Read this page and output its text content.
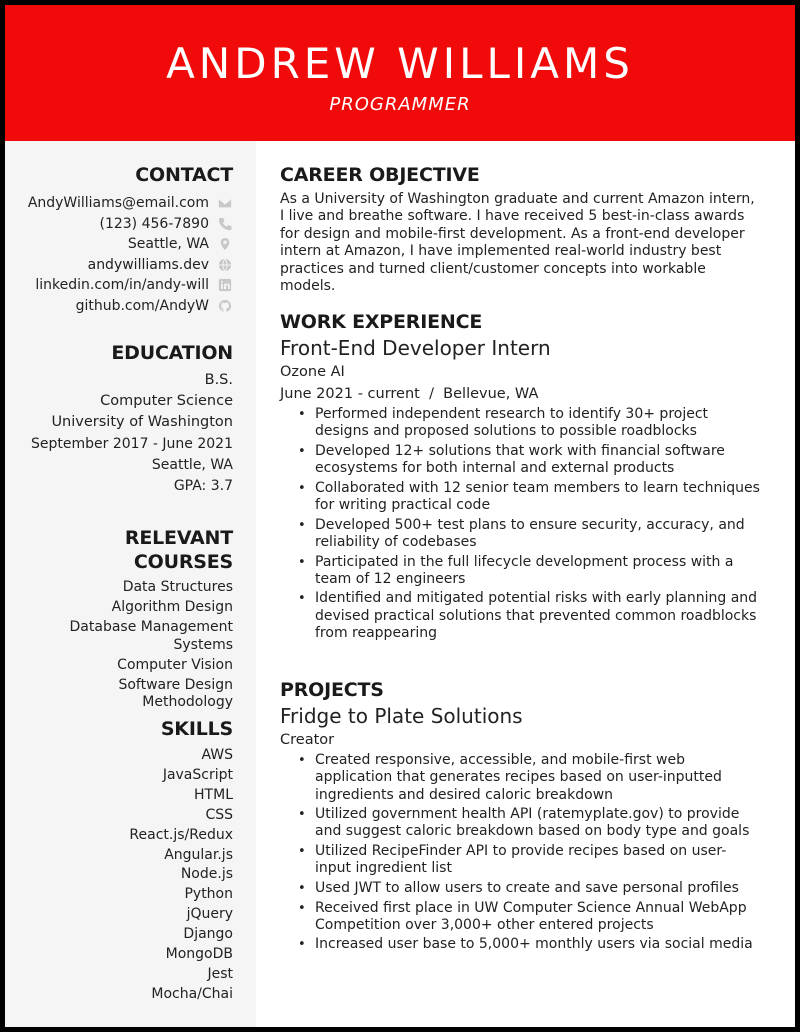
ANDREW WILLIAMS
PROGRAMMER
CONTACT
AndyWilliams@email.com
(123) 456-7890
Seattle, WA
andywilliams.dev
linkedin.com/in/andy-will
github.com/AndyW
EDUCATION
B.S.
Computer Science
University of Washington
September 2017 - June 2021
Seattle, WA
GPA: 3.7
RELEVANT COURSES
Data Structures
Algorithm Design
Database Management Systems
Computer Vision
Software Design Methodology
SKILLS
AWS
JavaScript
HTML
CSS
React.js/Redux
Angular.js
Node.js
Python
jQuery
Django
MongoDB
Jest
Mocha/Chai
CAREER OBJECTIVE
As a University of Washington graduate and current Amazon intern, I live and breathe software. I have received 5 best-in-class awards for design and mobile-first development. As a front-end developer intern at Amazon, I have implemented real-world industry best practices and turned client/customer concepts into workable models.
WORK EXPERIENCE
Front-End Developer Intern
Ozone AI
June 2021 - current  /  Bellevue, WA
• Performed independent research to identify 30+ project designs and proposed solutions to possible roadblocks
• Developed 12+ solutions that work with financial software ecosystems for both internal and external products
• Collaborated with 12 senior team members to learn techniques for writing practical code
• Developed 500+ test plans to ensure security, accuracy, and reliability of codebases
• Participated in the full lifecycle development process with a team of 12 engineers
• Identified and mitigated potential risks with early planning and devised practical solutions that prevented common roadblocks from reappearing
PROJECTS
Fridge to Plate Solutions
Creator
• Created responsive, accessible, and mobile-first web application that generates recipes based on user-inputted ingredients and desired caloric breakdown
• Utilized government health API (ratemyplate.gov) to provide and suggest caloric breakdown based on body type and goals
• Utilized RecipeFinder API to provide recipes based on user-input ingredient list
• Used JWT to allow users to create and save personal profiles
• Received first place in UW Computer Science Annual WebApp Competition over 3,000+ other entered projects
• Increased user base to 5,000+ monthly users via social media
